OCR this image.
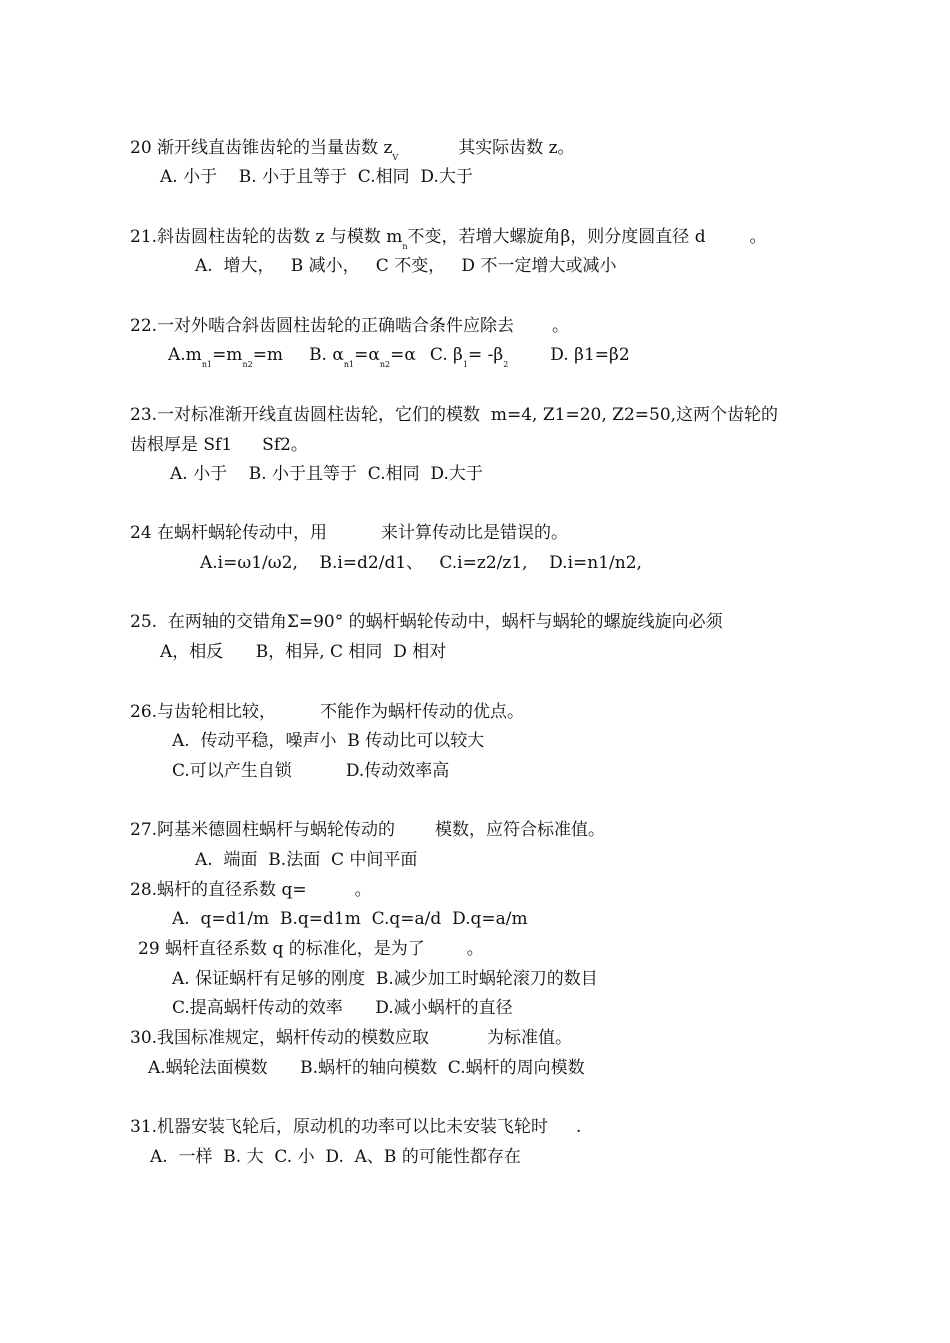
20 渐开线直齿锥齿轮的当量齿数 $z_V$	其实际齿数 z。
A. 小于    B. 小于且等于  C.相同  D.大于
21.斜齿圆柱齿轮的齿数 z 与模数 $m_n$不变，若增大螺旋角β，则分度圆直径 d	。
A.  增大，   B 减小，   C 不变，   D 不一定增大或减小
22.一对外啮合斜齿圆柱齿轮的正确啮合条件应除去 。
$A.m_{n1}=m_{n2}=m$ B. $\alpha_{n1}=\alpha_{n2}=\alpha$ C. $\beta_1= -\beta_2$ D. β1=β2
23.一对标准渐开线直齿圆柱齿轮，它们的模数  m=4, Z1=20, Z2=50,这两个齿轮的
齿根厚是 Sf1 Sf2。
A. 小于    B. 小于且等于  C.相同  D.大于
24 在蜗杆蜗轮传动中，用	来计算传动比是错误的。
A.i=ω1/ω2,    B.i=d2/d1、   C.i=z2/z1,    D.i=n1/n2,
25.  在两轴的交错角Σ=90° 的蜗杆蜗轮传动中，蜗杆与蜗轮的螺旋线旋向必须
A，相反      B，相异, C 相同  D 相对
26.与齿轮相比较，	不能作为蜗杆传动的优点。
A.  传动平稳，噪声小  B 传动比可以较大
C.可以产生自锁          D.传动效率高
27.阿基米德圆柱蜗杆与蜗轮传动的 模数，应符合标准值。
A.  端面  B.法面  C 中间平面
28.蜗杆的直径系数 q=	。
A.  q=d1/m  B.q=d1m  C.q=a/d  D.q=a/m
29 蜗杆直径系数 q 的标准化，是为了 。
A. 保证蜗杆有足够的刚度  B.减少加工时蜗轮滚刀的数目
C.提高蜗杆传动的效率      D.减小蜗杆的直径
30.我国标准规定，蜗杆传动的模数应取	为标准值。
A.蜗轮法面模数      B.蜗杆的轴向模数  C.蜗杆的周向模数
31.机器安装飞轮后，原动机的功率可以比未安装飞轮时 .
A.  一样  B. 大  C. 小  D.  A、B 的可能性都存在
